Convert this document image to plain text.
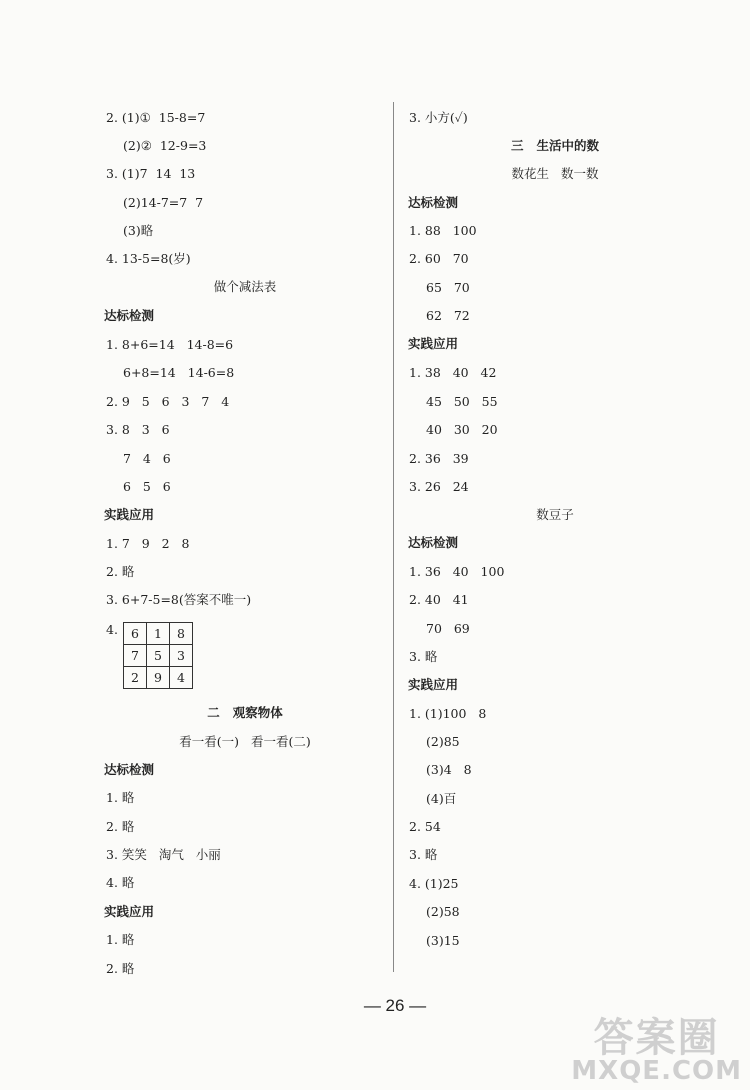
2. (1)①  15-8=7
(2)②  12-9=3
3. (1)7  14  13
(2)14-7=7  7
(3)略
4. 13-5=8(岁)
做个减法表
达标检测
1. 8+6=14   14-8=6
6+8=14   14-6=8
2. 9   5   6   3   7   4
3. 8   3   6
7   4   6
6   5   6
实践应用
1. 7   9   2   8
2. 略
3. 6+7-5=8(答案不唯一)
4.
二   观察物体
看一看(一)   看一看(二)
达标检测
1. 略
2. 略
3. 笑笑   淘气   小丽
4. 略
实践应用
1. 略
2. 略
3. 小方(✓)
三   生活中的数
数花生   数一数
达标检测
1. 88   100
2. 60   70
65   70
62   72
实践应用
1. 38   40   42
45   50   55
40   30   20
2. 36   39
3. 26   24
数豆子
达标检测
1. 36   40   100
2. 40   41
70   69
3. 略
实践应用
1. (1)100   8
(2)85
(3)4   8
(4)百
2. 54
3. 略
4. (1)25
(2)58
(3)15
6	1	8
7	5	3
2	9	4
— 26 —
答案圈
MXQE.COM
